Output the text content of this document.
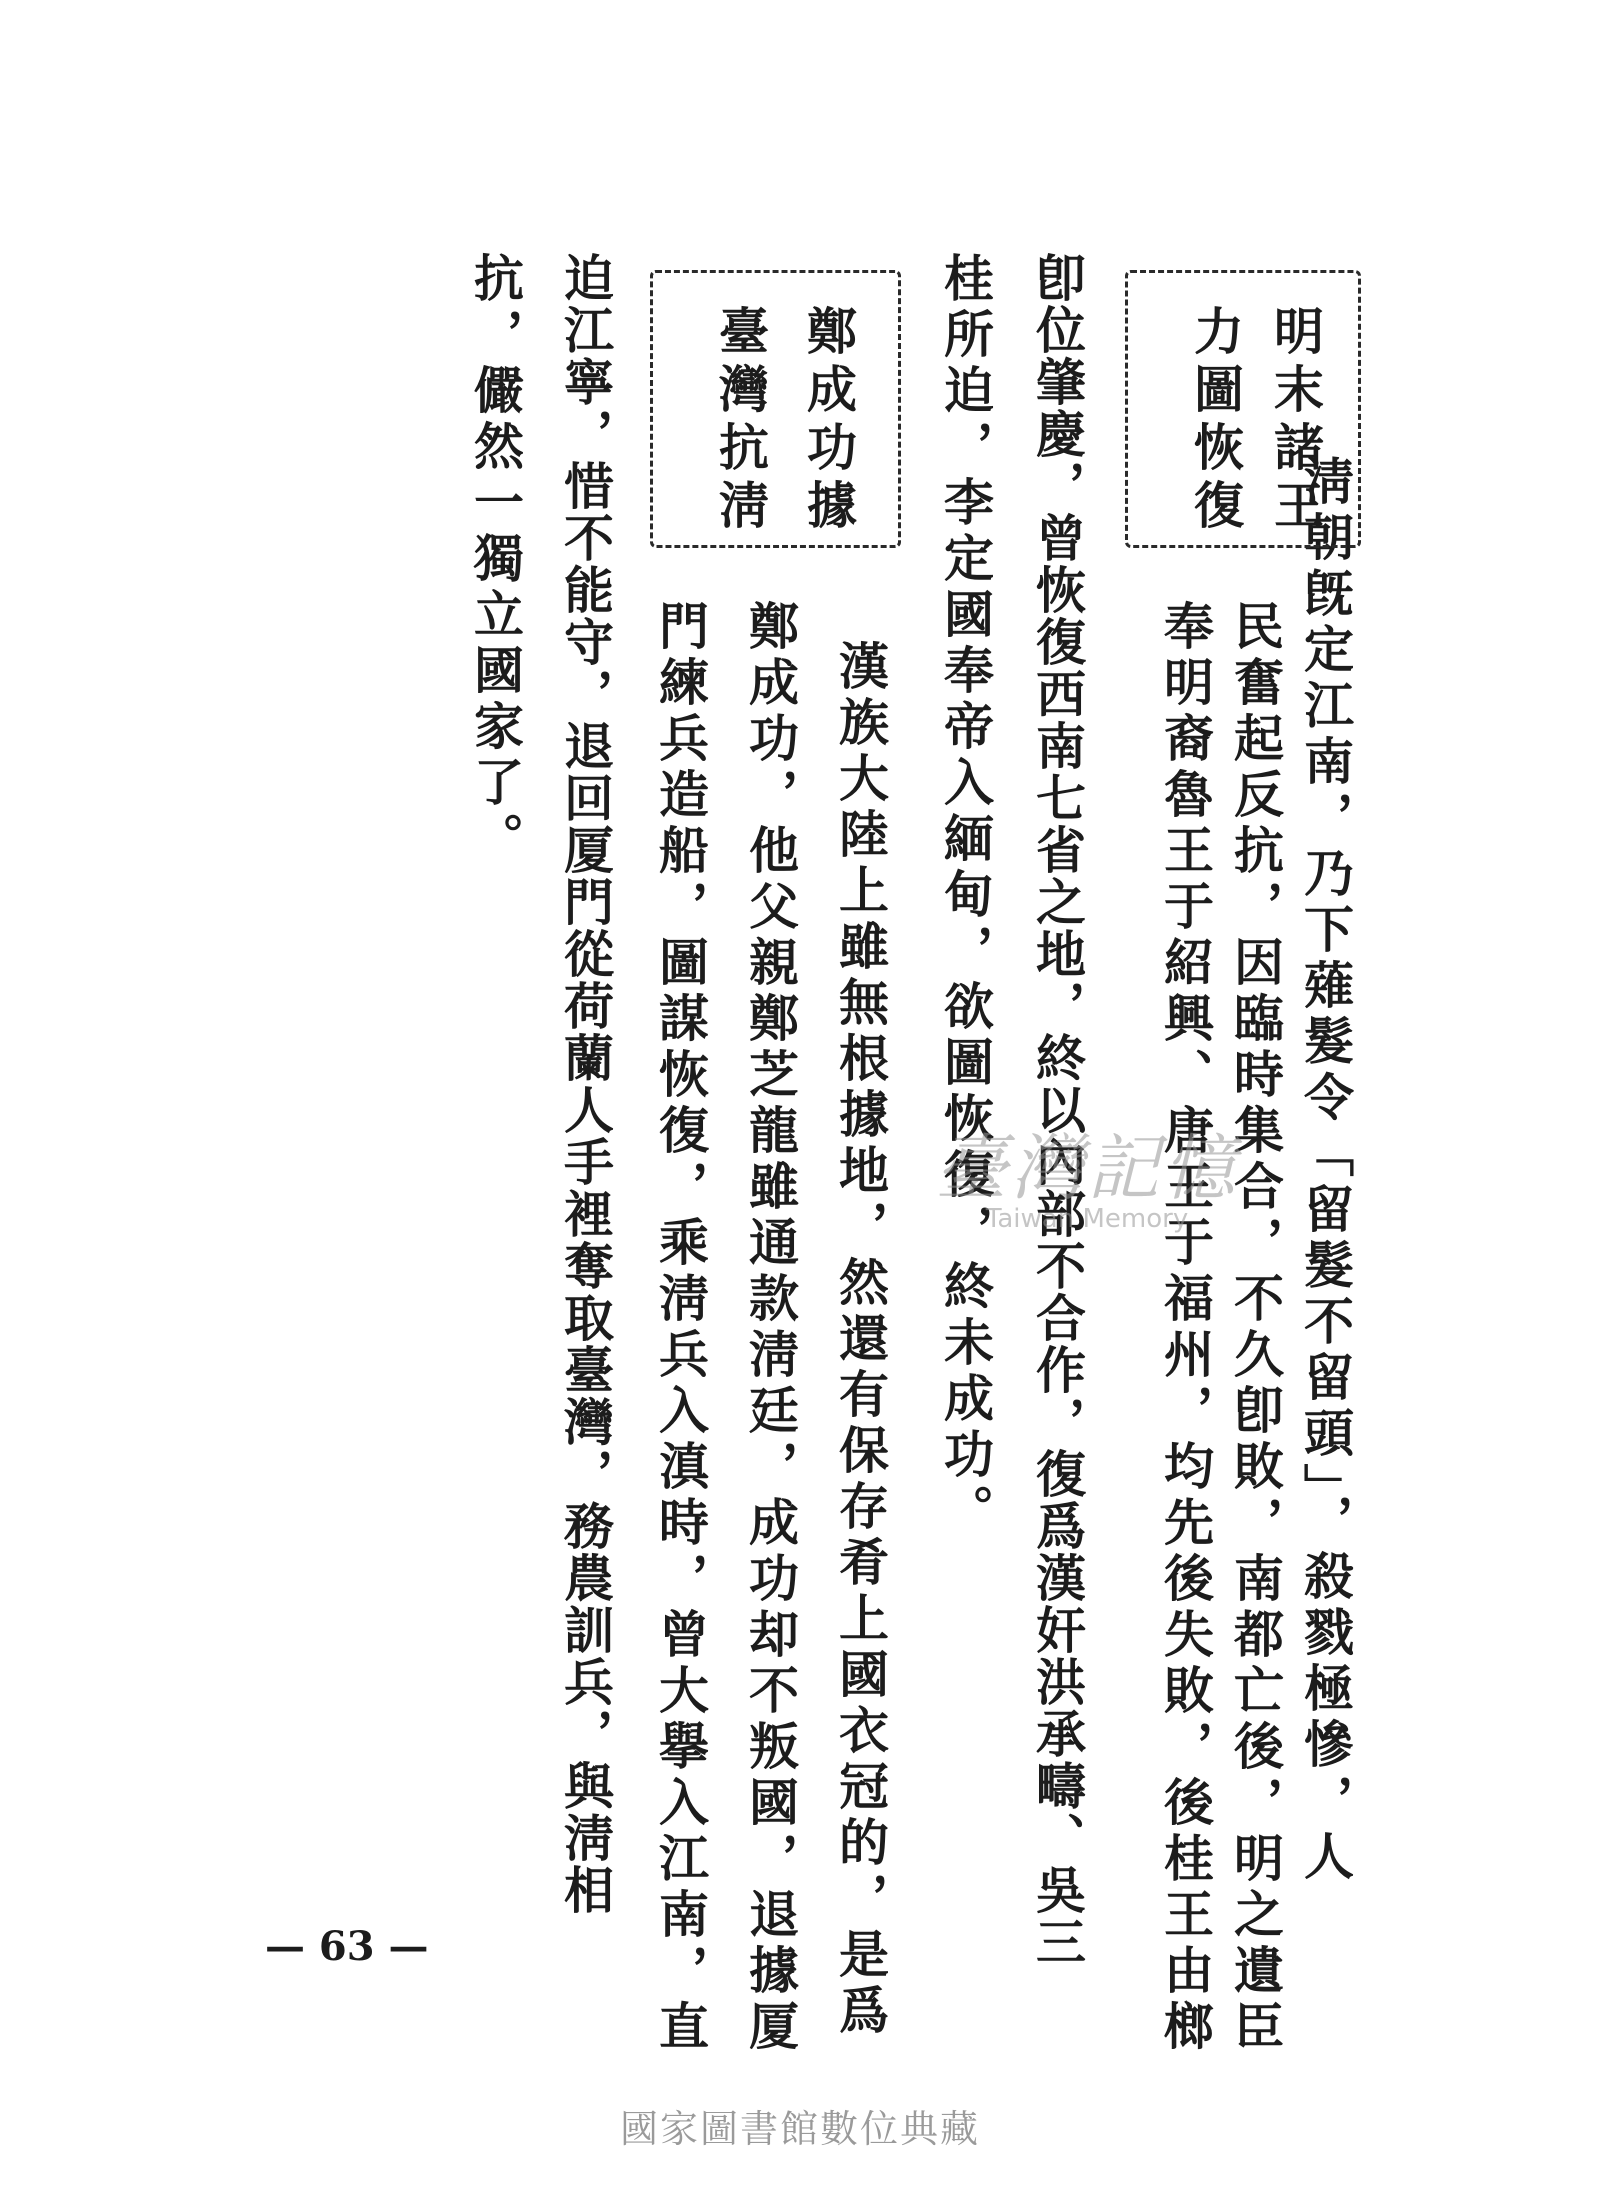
淸朝旣定江南，乃下薙髮令「留髮不留頭」，殺戮極慘，人
民奮起反抗，因臨時集合，不久卽敗，南都亡後，明之遺臣
奉明裔魯王于紹興、唐王于福州，均先後失敗，後桂王由榔
卽位肇慶，曾恢復西南七省之地，終以內部不合作，復爲漢奸洪承疇、吳三
桂所迫，李定國奉帝入緬甸，欲圖恢復，終未成功。
漢族大陸上雖無根據地，然還有保存肴上國衣冠的，是爲
鄭成功，他父親鄭芝龍雖通款淸廷，成功却不叛國，退據厦
門練兵造船，圖謀恢復，乘淸兵入滇時，曾大擧入江南，直
迫江寧，惜不能守，退回厦門從荷蘭人手裡奪取臺灣，務農訓兵，與淸相
抗，儼然一獨立國家了。	明末諸王
力圖恢復
鄭成功據
臺灣抗淸
臺灣記憶
Taiwan Memory
— 63 —
國家圖書館數位典藏
